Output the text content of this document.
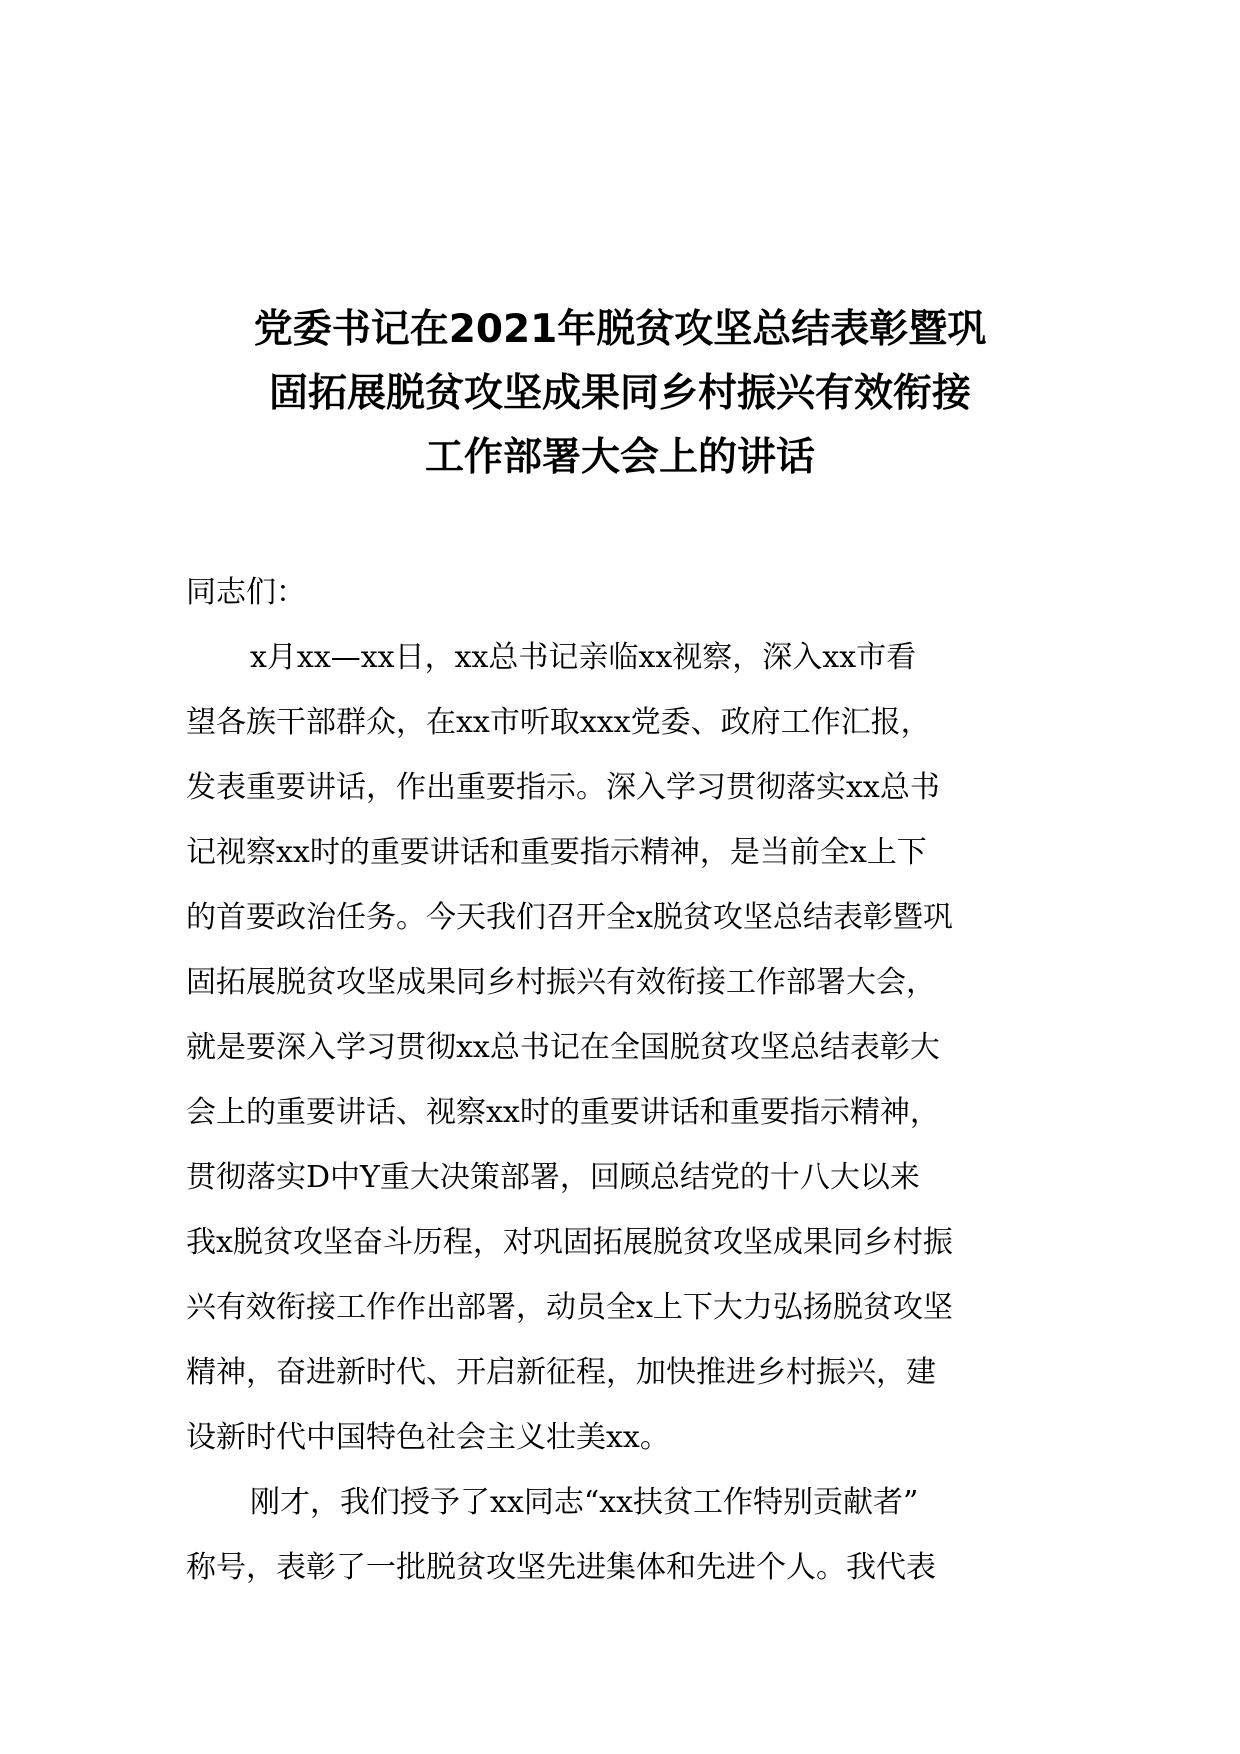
党委书记在2021年脱贫攻坚总结表彰暨巩
固拓展脱贫攻坚成果同乡村振兴有效衔接
工作部署大会上的讲话
同志们：
x月xx—xx日，xx总书记亲临xx视察，深入xx市看
望各族干部群众，在xx市听取xxx党委、政府工作汇报，
发表重要讲话，作出重要指示。深入学习贯彻落实xx总书
记视察xx时的重要讲话和重要指示精神，是当前全x上下
的首要政治任务。今天我们召开全x脱贫攻坚总结表彰暨巩
固拓展脱贫攻坚成果同乡村振兴有效衔接工作部署大会，
就是要深入学习贯彻xx总书记在全国脱贫攻坚总结表彰大
会上的重要讲话、视察xx时的重要讲话和重要指示精神，
贯彻落实D中Y重大决策部署，回顾总结党的十八大以来
我x脱贫攻坚奋斗历程，对巩固拓展脱贫攻坚成果同乡村振
兴有效衔接工作作出部署，动员全x上下大力弘扬脱贫攻坚
精神，奋进新时代、开启新征程，加快推进乡村振兴，建
设新时代中国特色社会主义壮美xx。
刚才，我们授予了xx同志“xx扶贫工作特别贡献者”
称号，表彰了一批脱贫攻坚先进集体和先进个人。我代表
